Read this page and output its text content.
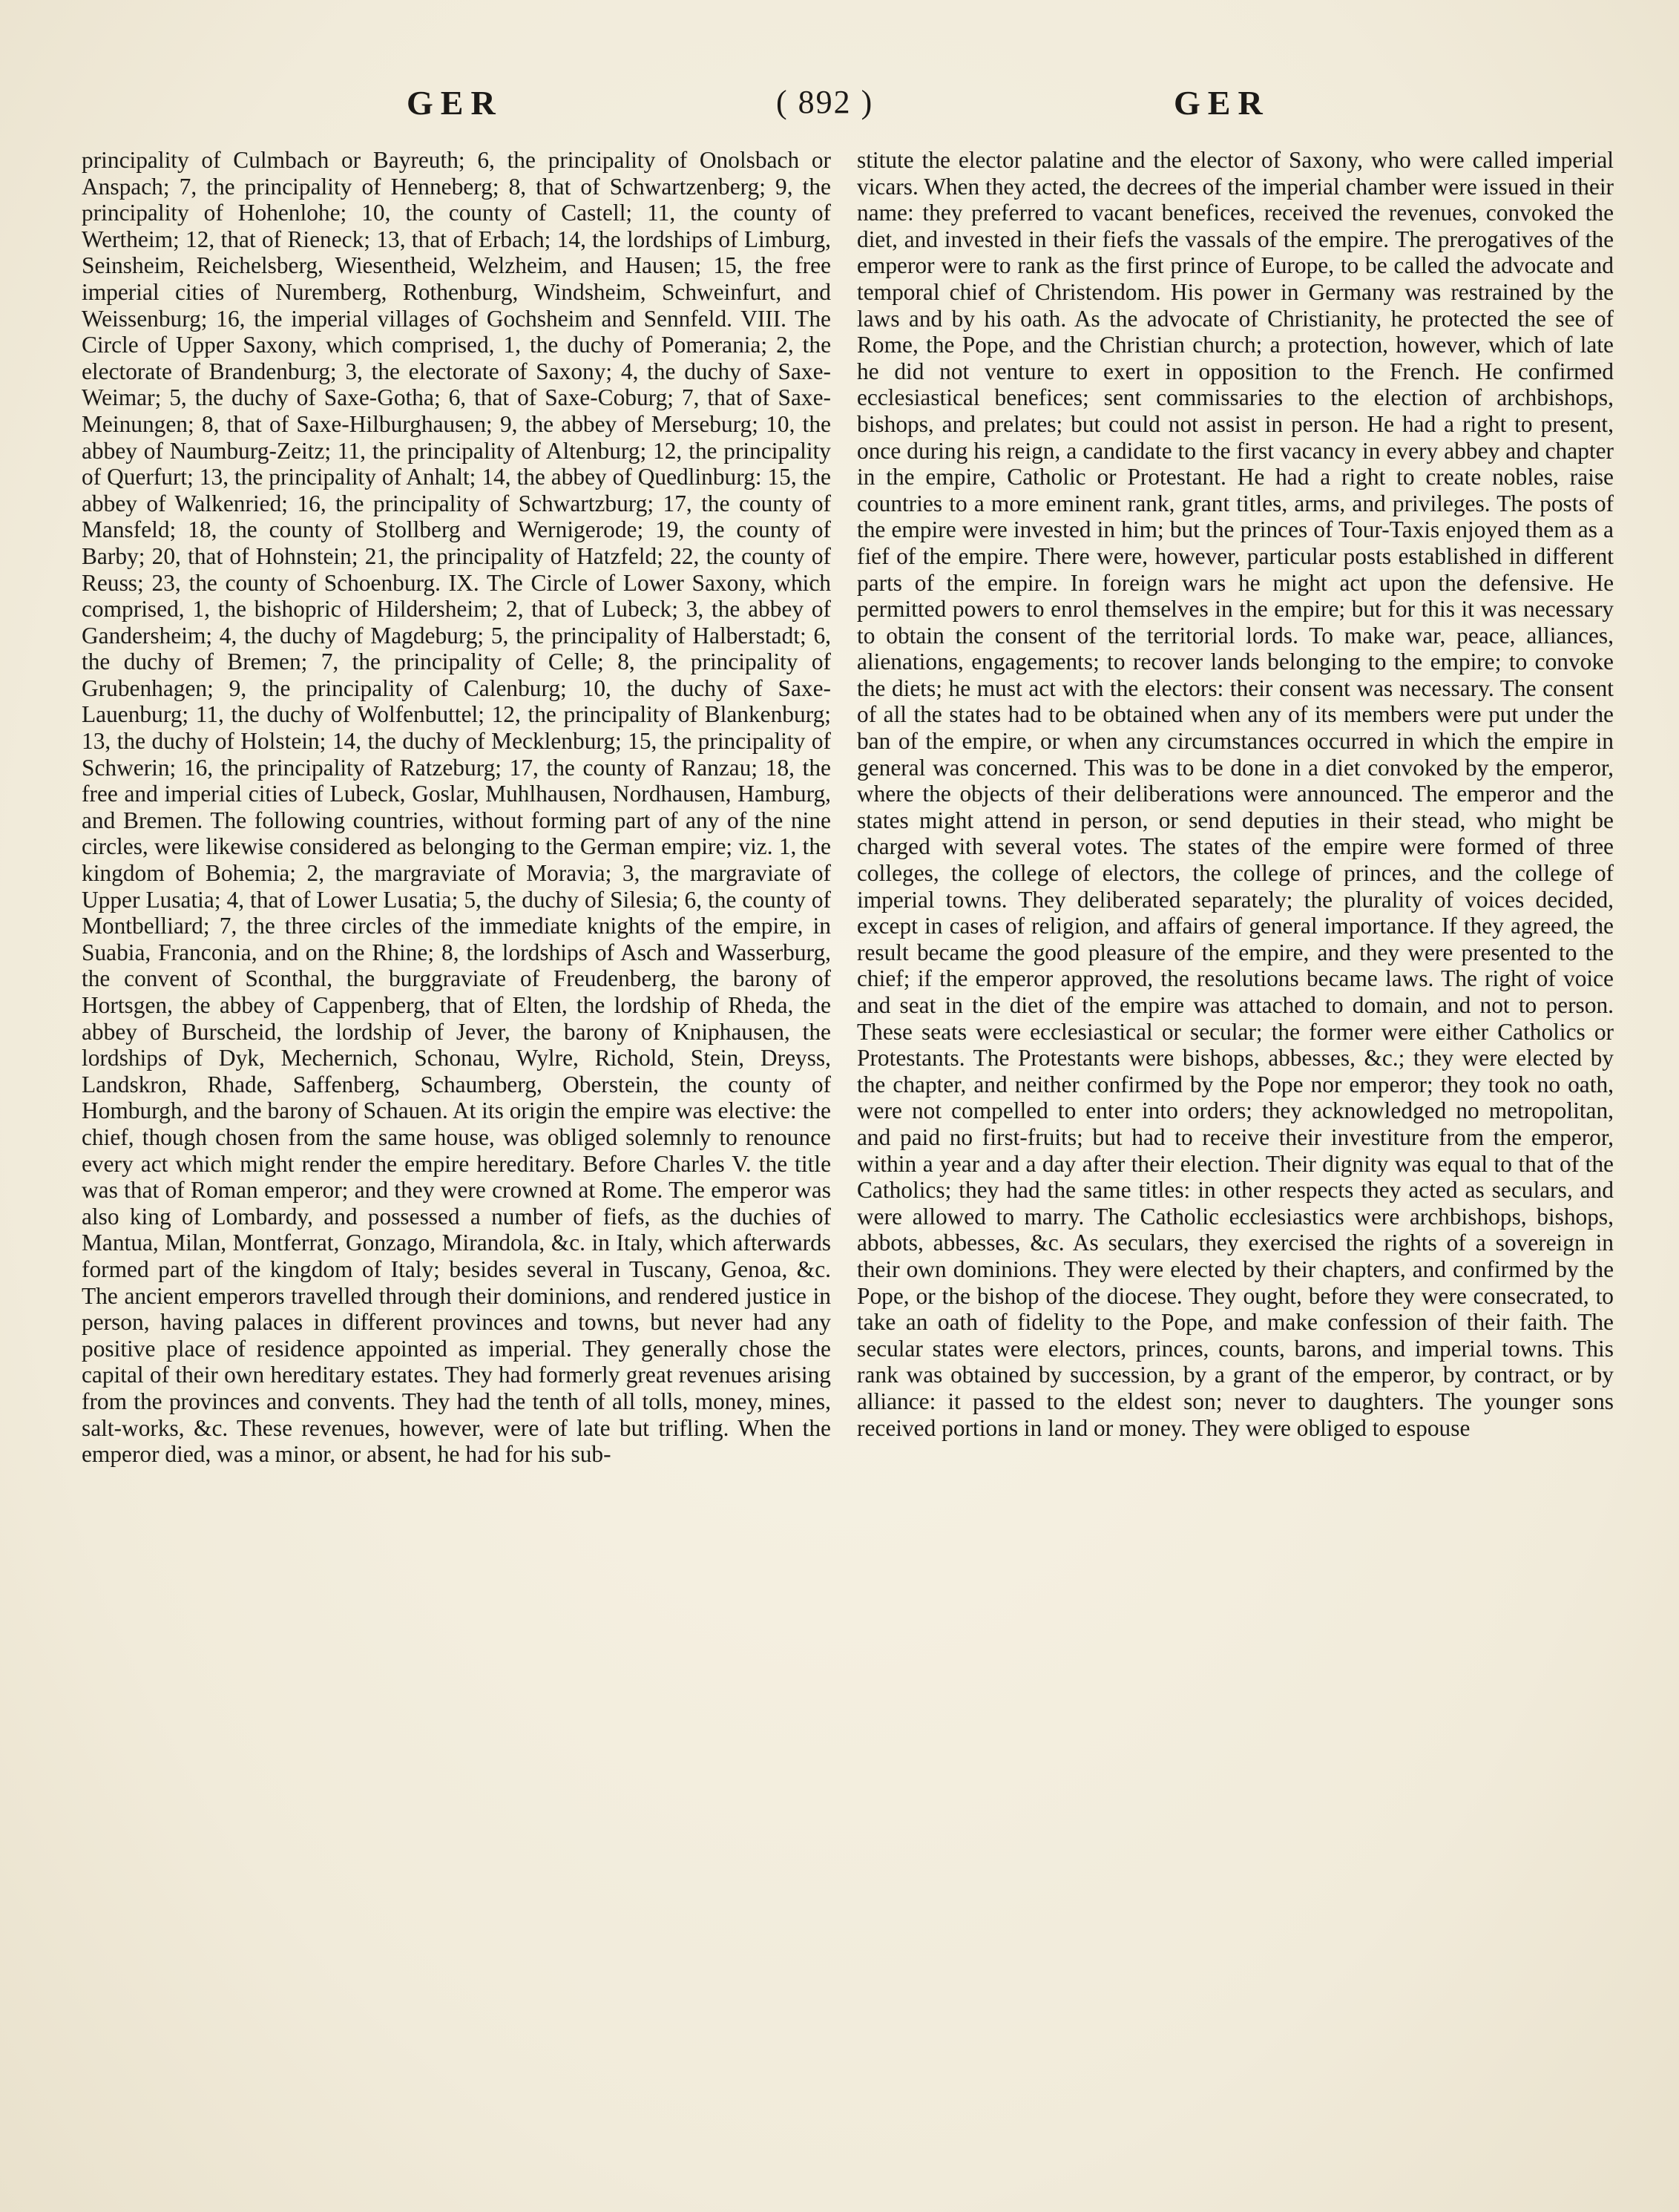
GER	( 892 )	GER

principality of Culmbach or Bayreuth; 6, the principality of Onolsbach or Anspach; 7, the principality of Henneberg; 8, that of Schwartzenberg; 9, the principality of Hohenlohe; 10, the county of Castell; 11, the county of Wertheim; 12, that of Rieneck; 13, that of Erbach; 14, the lordships of Limburg, Seinsheim, Reichelsberg, Wiesentheid, Welzheim, and Hausen; 15, the free imperial cities of Nuremberg, Rothenburg, Windsheim, Schweinfurt, and Weissenburg; 16, the imperial villages of Gochsheim and Sennfeld. VIII. The Circle of Upper Saxony, which comprised, 1, the duchy of Pomerania; 2, the electorate of Brandenburg; 3, the electorate of Saxony; 4, the duchy of Saxe-Weimar; 5, the duchy of Saxe-Gotha; 6, that of Saxe-Coburg; 7, that of Saxe-Meinungen; 8, that of Saxe-Hilburghausen; 9, the abbey of Merseburg; 10, the abbey of Naumburg-Zeitz; 11, the principality of Altenburg; 12, the principality of Querfurt; 13, the principality of Anhalt; 14, the abbey of Quedlinburg: 15, the abbey of Walkenried; 16, the principality of Schwartzburg; 17, the county of Mansfeld; 18, the county of Stollberg and Wernigerode; 19, the county of Barby; 20, that of Hohnstein; 21, the principality of Hatzfeld; 22, the county of Reuss; 23, the county of Schoenburg. IX. The Circle of Lower Saxony, which comprised, 1, the bishopric of Hildersheim; 2, that of Lubeck; 3, the abbey of Gandersheim; 4, the duchy of Magdeburg; 5, the principality of Halberstadt; 6, the duchy of Bremen; 7, the principality of Celle; 8, the principality of Grubenhagen; 9, the principality of Calenburg; 10, the duchy of Saxe-Lauenburg; 11, the duchy of Wolfenbuttel; 12, the principality of Blankenburg; 13, the duchy of Holstein; 14, the duchy of Mecklenburg; 15, the principality of Schwerin; 16, the principality of Ratzeburg; 17, the county of Ranzau; 18, the free and imperial cities of Lubeck, Goslar, Muhlhausen, Nordhausen, Hamburg, and Bremen. The following countries, without forming part of any of the nine circles, were likewise considered as belonging to the German empire; viz. 1, the kingdom of Bohemia; 2, the margraviate of Moravia; 3, the margraviate of Upper Lusatia; 4, that of Lower Lusatia; 5, the duchy of Silesia; 6, the county of Montbelliard; 7, the three circles of the immediate knights of the empire, in Suabia, Franconia, and on the Rhine; 8, the lordships of Asch and Wasserburg, the convent of Sconthal, the burggraviate of Freudenberg, the barony of Hortsgen, the abbey of Cappenberg, that of Elten, the lordship of Rheda, the abbey of Burscheid, the lordship of Jever, the barony of Kniphausen, the lordships of Dyk, Mechernich, Schonau, Wylre, Richold, Stein, Dreyss, Landskron, Rhade, Saffenberg, Schaumberg, Oberstein, the county of Homburgh, and the barony of Schauen. At its origin the empire was elective: the chief, though chosen from the same house, was obliged solemnly to renounce every act which might render the empire hereditary. Before Charles V. the title was that of Roman emperor; and they were crowned at Rome. The emperor was also king of Lombardy, and possessed a number of fiefs, as the duchies of Mantua, Milan, Montferrat, Gonzago, Mirandola, &c. in Italy, which afterwards formed part of the kingdom of Italy; besides several in Tuscany, Genoa, &c. The ancient emperors travelled through their dominions, and rendered justice in person, having palaces in different provinces and towns, but never had any positive place of residence appointed as imperial. They generally chose the capital of their own hereditary estates. They had formerly great revenues arising from the provinces and convents. They had the tenth of all tolls, money, mines, salt-works, &c. These revenues, however, were of late but trifling. When the emperor died, was a minor, or absent, he had for his sub-

stitute the elector palatine and the elector of Saxony, who were called imperial vicars. When they acted, the decrees of the imperial chamber were issued in their name: they preferred to vacant benefices, received the revenues, convoked the diet, and invested in their fiefs the vassals of the empire. The prerogatives of the emperor were to rank as the first prince of Europe, to be called the advocate and temporal chief of Christendom. His power in Germany was restrained by the laws and by his oath. As the advocate of Christianity, he protected the see of Rome, the Pope, and the Christian church; a protection, however, which of late he did not venture to exert in opposition to the French. He confirmed ecclesiastical benefices; sent commissaries to the election of archbishops, bishops, and prelates; but could not assist in person. He had a right to present, once during his reign, a candidate to the first vacancy in every abbey and chapter in the empire, Catholic or Protestant. He had a right to create nobles, raise countries to a more eminent rank, grant titles, arms, and privileges. The posts of the empire were invested in him; but the princes of Tour-Taxis enjoyed them as a fief of the empire. There were, however, particular posts established in different parts of the empire. In foreign wars he might act upon the defensive. He permitted powers to enrol themselves in the empire; but for this it was necessary to obtain the consent of the territorial lords. To make war, peace, alliances, alienations, engagements; to recover lands belonging to the empire; to convoke the diets; he must act with the electors: their consent was necessary. The consent of all the states had to be obtained when any of its members were put under the ban of the empire, or when any circumstances occurred in which the empire in general was concerned. This was to be done in a diet convoked by the emperor, where the objects of their deliberations were announced. The emperor and the states might attend in person, or send deputies in their stead, who might be charged with several votes. The states of the empire were formed of three colleges, the college of electors, the college of princes, and the college of imperial towns. They deliberated separately; the plurality of voices decided, except in cases of religion, and affairs of general importance. If they agreed, the result became the good pleasure of the empire, and they were presented to the chief; if the emperor approved, the resolutions became laws. The right of voice and seat in the diet of the empire was attached to domain, and not to person. These seats were ecclesiastical or secular; the former were either Catholics or Protestants. The Protestants were bishops, abbesses, &c.; they were elected by the chapter, and neither confirmed by the Pope nor emperor; they took no oath, were not compelled to enter into orders; they acknowledged no metropolitan, and paid no first-fruits; but had to receive their investiture from the emperor, within a year and a day after their election. Their dignity was equal to that of the Catholics; they had the same titles: in other respects they acted as seculars, and were allowed to marry. The Catholic ecclesiastics were archbishops, bishops, abbots, abbesses, &c. As seculars, they exercised the rights of a sovereign in their own dominions. They were elected by their chapters, and confirmed by the Pope, or the bishop of the diocese. They ought, before they were consecrated, to take an oath of fidelity to the Pope, and make confession of their faith. The secular states were electors, princes, counts, barons, and imperial towns. This rank was obtained by succession, by a grant of the emperor, by contract, or by alliance: it passed to the eldest son; never to daughters. The younger sons received portions in land or money. They were obliged to espouse
